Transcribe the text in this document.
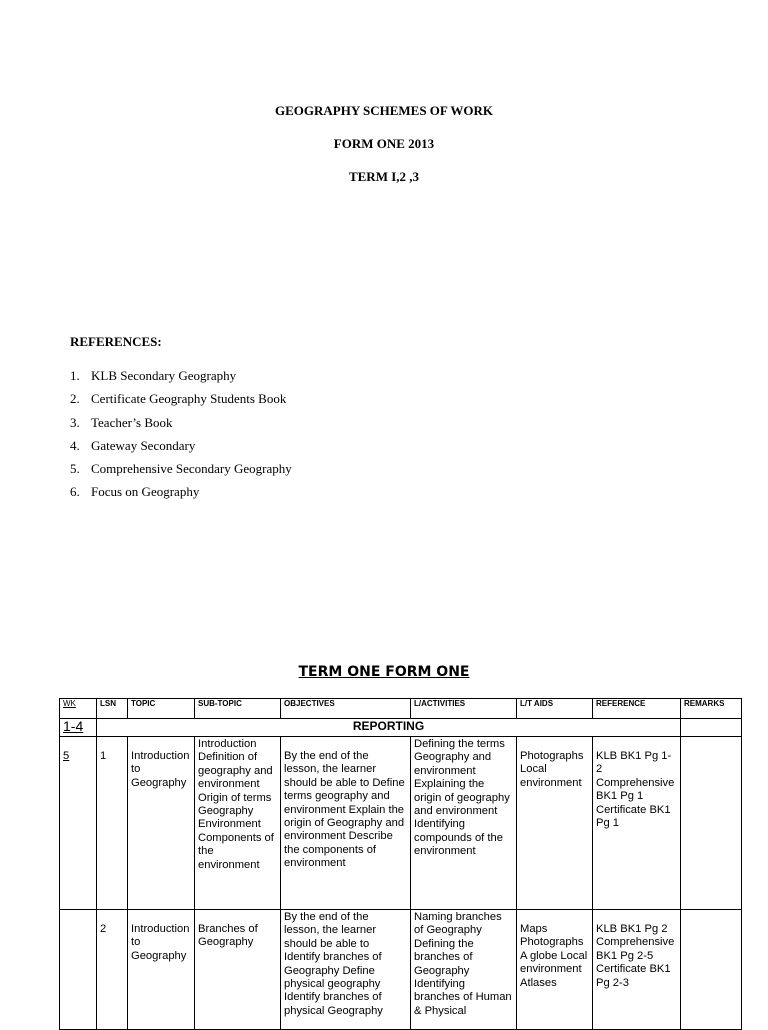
GEOGRAPHY SCHEMES OF WORK
FORM ONE 2013
TERM I,2 ,3
REFERENCES:
1. KLB Secondary Geography
2. Certificate Geography Students Book
3. Teacher’s Book
4. Gateway Secondary
5. Comprehensive Secondary Geography
6. Focus on Geography
TERM ONE FORM ONE
WK	LSN	TOPIC	SUB-TOPIC	OBJECTIVES	L/ACTIVITIES	L/T AIDS	REFERENCE	REMARKS
1-4	REPORTING							
5	1	Introduction to Geography	Introduction Definition of geography and environment Origin of terms Geography Environment Components of the environment	By the end of the lesson, the learner should be able to Define terms geography and environment Explain the origin of Geography and environment Describe the components of environment	Defining the terms Geography and environment Explaining the origin of geography and environment Identifying compounds of the environment	Photographs Local environment	KLB BK1 Pg 1-2 Comprehensive BK1 Pg 1 Certificate BK1 Pg 1	
	2	Introduction to Geography	Branches of Geography	By the end of the lesson, the learner should be able to Identify branches of Geography Define physical geography Identify branches of physical Geography	Naming branches of Geography Defining the branches of Geography Identifying branches of Human & Physical	Maps Photographs A globe Local environment Atlases	KLB BK1 Pg 2 Comprehensive BK1 Pg 2-5 Certificate BK1 Pg 2-3	
